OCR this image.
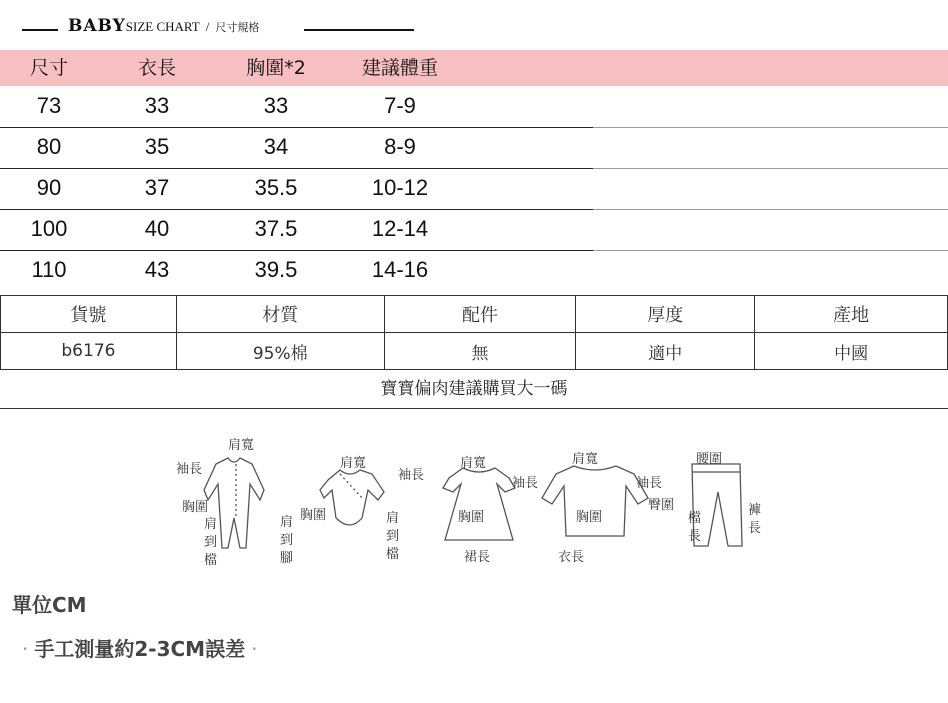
BABYSIZE CHART / 尺寸規格
尺寸	衣長	胸圍*2	建議體重
73	33	33	7-9
80	35	34	8-9
90	37	35.5	10-12
100	40	37.5	12-14
110	43	39.5	14-16
貨號	材質	配件	厚度	產地
b6176	95%棉	無	適中	中國
寶寶偏肉建議購買大一碼
肩寬
袖長
胸圍
肩
到
檔
肩
到
腳
肩寬
袖長
胸圍	肩
到
檔
肩寬
袖長
胸圍
裙長
肩寬
袖長
胸圍
衣長
腰圍
臀圍
檔
長
褲
長
單位CM
· 手工測量約2-3CM誤差 ·
